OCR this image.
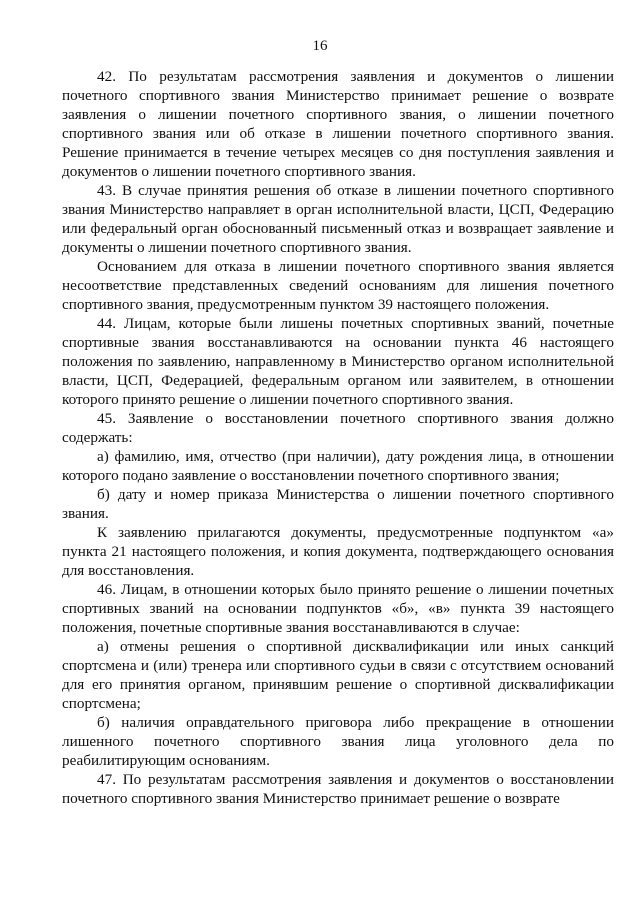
16

42. По результатам рассмотрения заявления и документов о лишении почетного спортивного звания Министерство принимает решение о возврате заявления о лишении почетного спортивного звания, о лишении почетного спортивного звания или об отказе в лишении почетного спортивного звания. Решение принимается в течение четырех месяцев со дня поступления заявления и документов о лишении почетного спортивного звания.

43. В случае принятия решения об отказе в лишении почетного спортивного звания Министерство направляет в орган исполнительной власти, ЦСП, Федерацию или федеральный орган обоснованный письменный отказ и возвращает заявление и документы о лишении почетного спортивного звания.

Основанием для отказа в лишении почетного спортивного звания является несоответствие представленных сведений основаниям для лишения почетного спортивного звания, предусмотренным пунктом 39 настоящего положения.

44. Лицам, которые были лишены почетных спортивных званий, почетные спортивные звания восстанавливаются на основании пункта 46 настоящего положения по заявлению, направленному в Министерство органом исполнительной власти, ЦСП, Федерацией, федеральным органом или заявителем, в отношении которого принято решение о лишении почетного спортивного звания.

45. Заявление о восстановлении почетного спортивного звания должно содержать:

а) фамилию, имя, отчество (при наличии), дату рождения лица, в отношении которого подано заявление о восстановлении почетного спортивного звания;

б) дату и номер приказа Министерства о лишении почетного спортивного звания.

К заявлению прилагаются документы, предусмотренные подпунктом «а» пункта 21 настоящего положения, и копия документа, подтверждающего основания для восстановления.

46. Лицам, в отношении которых было принято решение о лишении почетных спортивных званий на основании подпунктов «б», «в» пункта 39 настоящего положения, почетные спортивные звания восстанавливаются в случае:

а) отмены решения о спортивной дисквалификации или иных санкций спортсмена и (или) тренера или спортивного судьи в связи с отсутствием оснований для его принятия органом, принявшим решение о спортивной дисквалификации спортсмена;

б) наличия оправдательного приговора либо прекращение в отношении лишенного почетного спортивного звания лица уголовного дела по реабилитирующим основаниям.

47. По результатам рассмотрения заявления и документов о восстановлении почетного спортивного звания Министерство принимает решение о возврате
